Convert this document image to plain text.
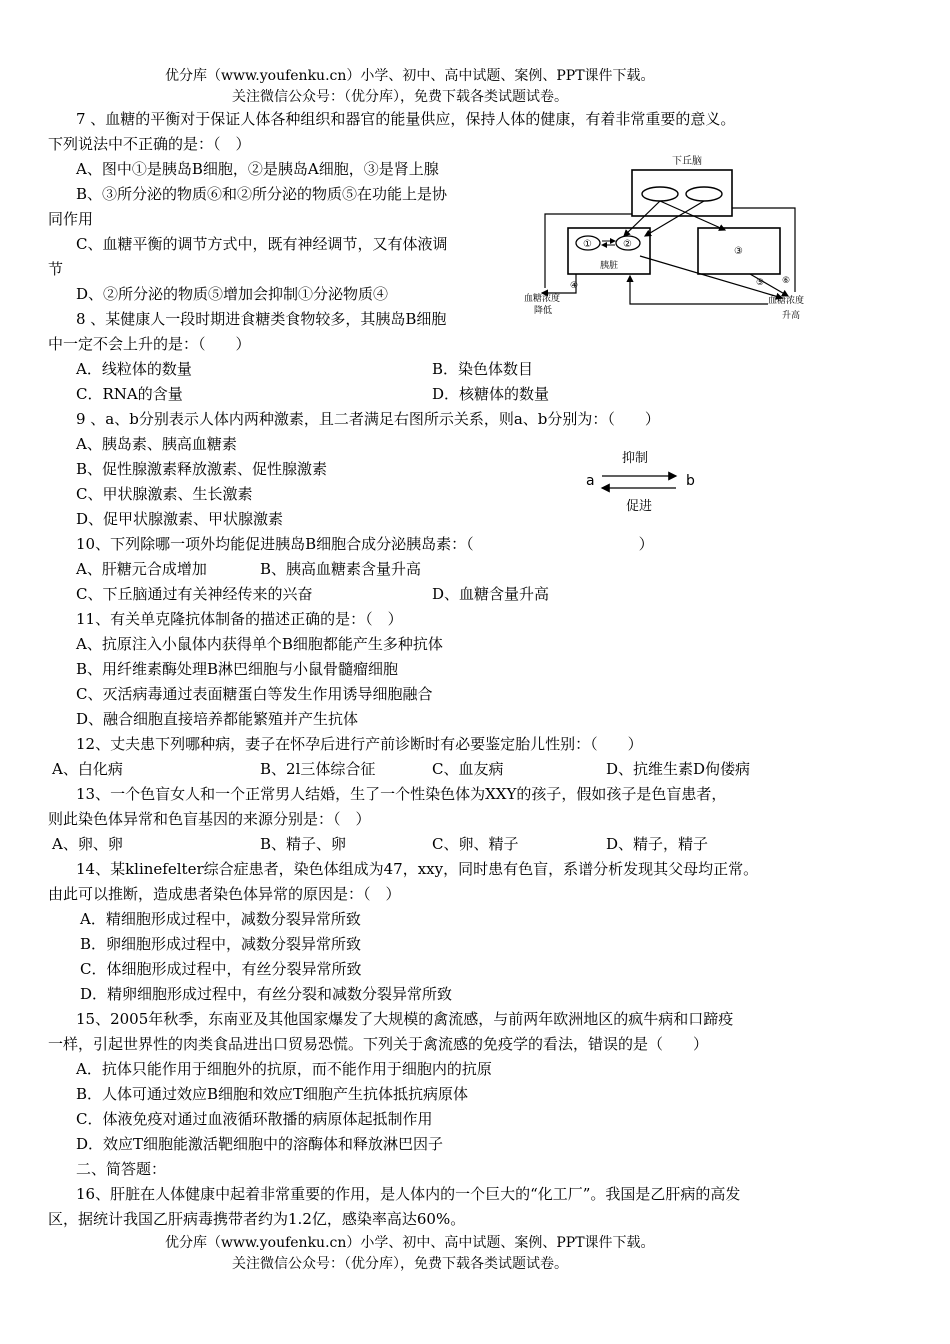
优分库（www.youfenku.cn）小学、初中、高中试题、案例、PPT课件下载。
关注微信公众号：（优分库），免费下载各类试题试卷。
7 、血糖的平衡对于保证人体各种组织和器官的能量供应，保持人体的健康，有着非常重要的意义。
下列说法中不正确的是：（　）
A、图中①是胰岛B细胞，②是胰岛A细胞，③是肾上腺
B、③所分泌的物质⑥和②所分泌的物质⑤在功能上是协
同作用
C、血糖平衡的调节方式中，既有神经调节，又有体液调
节
D、②所分泌的物质⑤增加会抑制①分泌物质④
下丘脑
①	②
胰脏
③
④	⑤ ⑥
血糖浓度
降低
血糖浓度
升高
8 、某健康人一段时期进食糖类食物较多，其胰岛B细胞
中一定不会上升的是：（　　）
A．线粒体的数量	B．染色体数目
C．RNA的含量	D．核糖体的数量
9 、a、b分别表示人体内两种激素，且二者满足右图所示关系，则a、b分别为：（　　）
A、胰岛素、胰高血糖素
B、促性腺激素释放激素、促性腺激素
C、甲状腺激素、生长激素
D、促甲状腺激素、甲状腺激素
抑制
a	b
促进
10、下列除哪一项外均能促进胰岛B细胞合成分泌胰岛素：（　　　　　　　　　　　）
A、肝糖元合成增加	B、胰高血糖素含量升高
C、下丘脑通过有关神经传来的兴奋	D、血糖含量升高
11、有关单克隆抗体制备的描述正确的是：（　）
A、抗原注入小鼠体内获得单个B细胞都能产生多种抗体
B、用纤维素酶处理B淋巴细胞与小鼠骨髓瘤细胞
C、灭活病毒通过表面糖蛋白等发生作用诱导细胞融合
D、融合细胞直接培养都能繁殖并产生抗体
12、丈夫患下列哪种病，妻子在怀孕后进行产前诊断时有必要鉴定胎儿性别：（　　）
A、白化病	B、2l三体综合征	C、血友病	D、抗维生素D佝偻病
13、一个色盲女人和一个正常男人结婚，生了一个性染色体为XXY的孩子，假如孩子是色盲患者，
则此染色体异常和色盲基因的来源分别是：（　）
A、卵、卵	B、精子、卵	C、卵、精子	D、精子，精子
14、某klinefelter综合症患者，染色体组成为47，xxy，同时患有色盲，系谱分析发现其父母均正常。
由此可以推断，造成患者染色体异常的原因是：（　）
A．精细胞形成过程中，减数分裂异常所致
B．卵细胞形成过程中，减数分裂异常所致
C．体细胞形成过程中，有丝分裂异常所致
D．精卵细胞形成过程中，有丝分裂和减数分裂异常所致
15、2005年秋季，东南亚及其他国家爆发了大规模的禽流感，与前两年欧洲地区的疯牛病和口蹄疫
一样，引起世界性的肉类食品进出口贸易恐慌。下列关于禽流感的免疫学的看法，错误的是（　　）
A．抗体只能作用于细胞外的抗原，而不能作用于细胞内的抗原
B．人体可通过效应B细胞和效应T细胞产生抗体抵抗病原体
C．体液免疫对通过血液循环散播的病原体起抵制作用
D．效应T细胞能激活靶细胞中的溶酶体和释放淋巴因子
二、简答题：
16、肝脏在人体健康中起着非常重要的作用，是人体内的一个巨大的“化工厂”。我国是乙肝病的高发
区，据统计我国乙肝病毒携带者约为1.2亿，感染率高达60%。
优分库（www.youfenku.cn）小学、初中、高中试题、案例、PPT课件下载。
关注微信公众号：（优分库），免费下载各类试题试卷。
